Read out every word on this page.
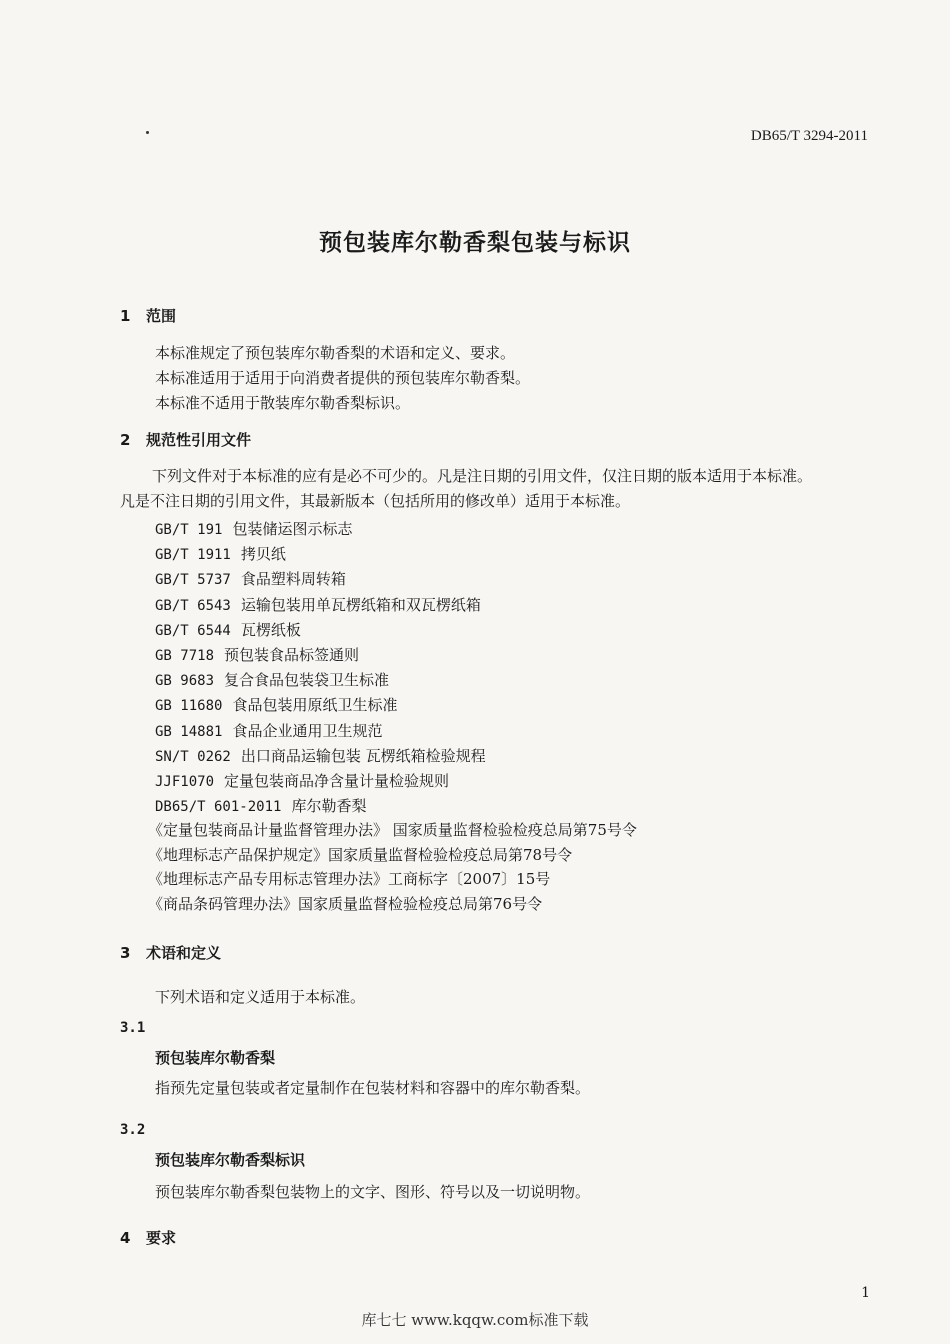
DB65/T 3294-2011
预包装库尔勒香梨包装与标识
1 范围
本标准规定了预包装库尔勒香梨的术语和定义、要求。
本标准适用于适用于向消费者提供的预包装库尔勒香梨。
本标准不适用于散装库尔勒香梨标识。
2 规范性引用文件
下列文件对于本标准的应有是必不可少的。凡是注日期的引用文件，仅注日期的版本适用于本标准。
凡是不注日期的引用文件，其最新版本（包括所用的修改单）适用于本标准。
GB/T 191 包装储运图示标志
GB/T 1911 拷贝纸
GB/T 5737 食品塑料周转箱
GB/T 6543 运输包装用单瓦楞纸箱和双瓦楞纸箱
GB/T 6544 瓦楞纸板
GB 7718 预包装食品标签通则
GB 9683 复合食品包装袋卫生标准
GB 11680 食品包装用原纸卫生标准
GB 14881 食品企业通用卫生规范
SN/T 0262 出口商品运输包装 瓦楞纸箱检验规程
JJF1070 定量包装商品净含量计量检验规则
DB65/T 601-2011 库尔勒香梨
《定量包装商品计量监督管理办法》 国家质量监督检验检疫总局第75号令
《地理标志产品保护规定》国家质量监督检验检疫总局第78号令
《地理标志产品专用标志管理办法》工商标字〔2007〕15号
《商品条码管理办法》国家质量监督检验检疫总局第76号令
3 术语和定义
下列术语和定义适用于本标准。
3.1
预包装库尔勒香梨
指预先定量包装或者定量制作在包装材料和容器中的库尔勒香梨。
3.2
预包装库尔勒香梨标识
预包装库尔勒香梨包装物上的文字、图形、符号以及一切说明物。
4 要求
1
库七七 www.kqqw.com标准下载
